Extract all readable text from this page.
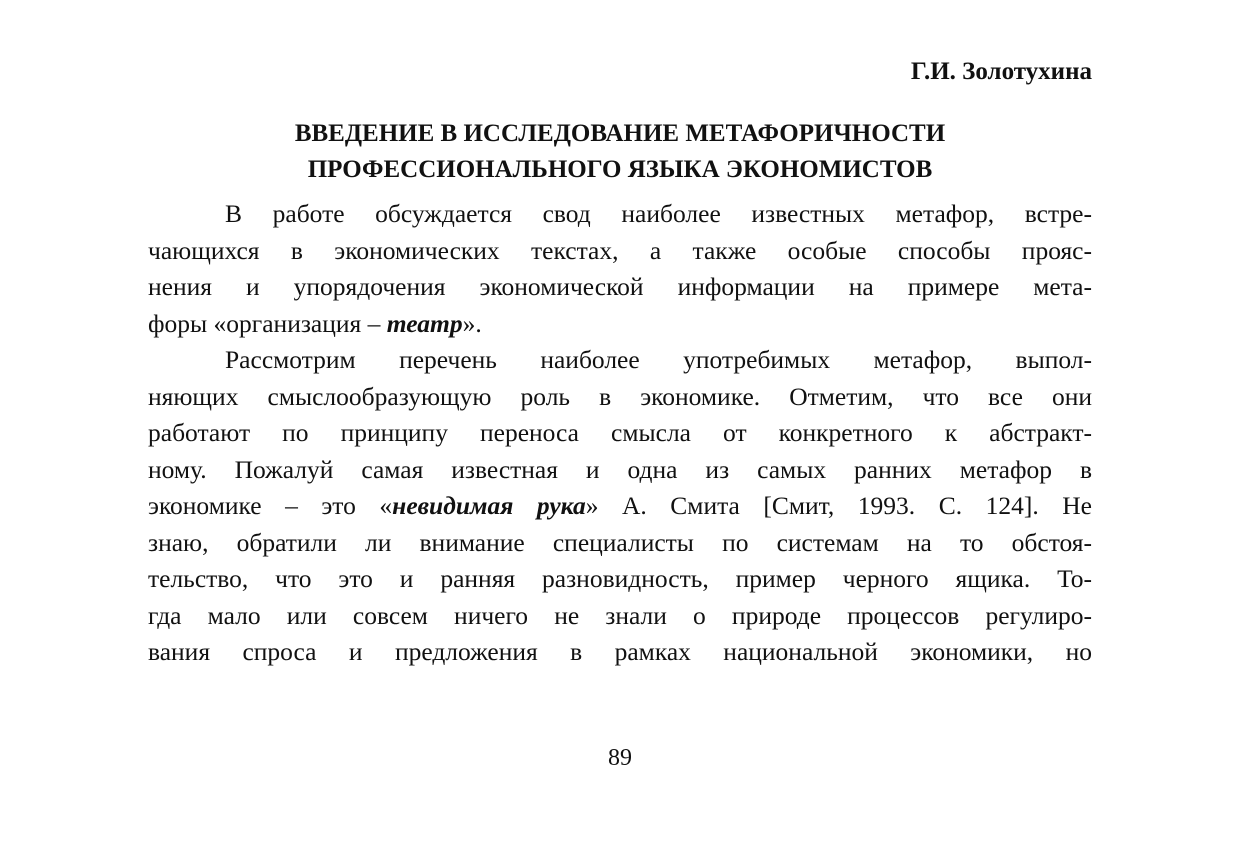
Г.И. Золотухина
ВВЕДЕНИЕ В ИССЛЕДОВАНИЕ МЕТАФОРИЧНОСТИ
ПРОФЕССИОНАЛЬНОГО ЯЗЫКА ЭКОНОМИСТОВ
В работе обсуждается свод наиболее известных метафор, встре-
чающихся в экономических текстах, а также особые способы прояс-
нения и упорядочения экономической информации на примере мета-
форы «организация – театр».
Рассмотрим перечень наиболее употребимых метафор, выпол-
няющих смыслообразующую роль в экономике. Отметим, что все они
работают по принципу переноса смысла от конкретного к абстракт-
ному. Пожалуй самая известная и одна из самых ранних метафор в
экономике – это «невидимая рука» А. Смита [Смит, 1993. С. 124]. Не
знаю, обратили ли внимание специалисты по системам на то обстоя-
тельство, что это и ранняя разновидность, пример черного ящика. То-
гда мало или совсем ничего не знали о природе процессов регулиро-
вания спроса и предложения в рамках национальной экономики, но
89
